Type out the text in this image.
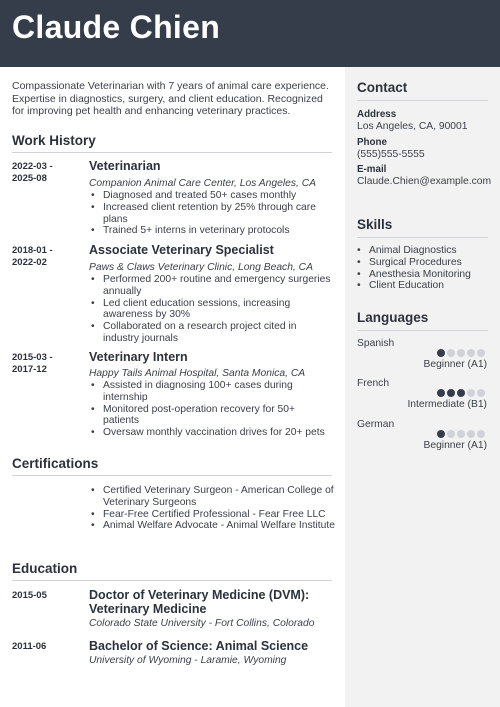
Claude Chien
Compassionate Veterinarian with 7 years of animal care experience. Expertise in diagnostics, surgery, and client education. Recognized for improving pet health and enhancing veterinary practices.
Work History
2022-03 -
2025-08
Veterinarian
Companion Animal Care Center, Los Angeles, CA
• Diagnosed and treated 50+ cases monthly
• Increased client retention by 25% through care plans
• Trained 5+ interns in veterinary protocols
2018-01 -
2022-02
Associate Veterinary Specialist
Paws & Claws Veterinary Clinic, Long Beach, CA
• Performed 200+ routine and emergency surgeries annually
• Led client education sessions, increasing awareness by 30%
• Collaborated on a research project cited in industry journals
2015-03 -
2017-12
Veterinary Intern
Happy Tails Animal Hospital, Santa Monica, CA
• Assisted in diagnosing 100+ cases during internship
• Monitored post-operation recovery for 50+ patients
• Oversaw monthly vaccination drives for 20+ pets
Certifications
• Certified Veterinary Surgeon - American College of Veterinary Surgeons
• Fear-Free Certified Professional - Fear Free LLC
• Animal Welfare Advocate - Animal Welfare Institute
Education
2015-05	Doctor of Veterinary Medicine (DVM):
Veterinary Medicine
Colorado State University - Fort Collins, Colorado
2011-06	Bachelor of Science: Animal Science
University of Wyoming - Laramie, Wyoming
Contact
Address
Los Angeles, CA, 90001
Phone
(555)555-5555
E-mail
Claude.Chien@example.com
Skills
• Animal Diagnostics
• Surgical Procedures
• Anesthesia Monitoring
• Client Education
Languages
Spanish
Beginner (A1)
French
Intermediate (B1)
German
Beginner (A1)
